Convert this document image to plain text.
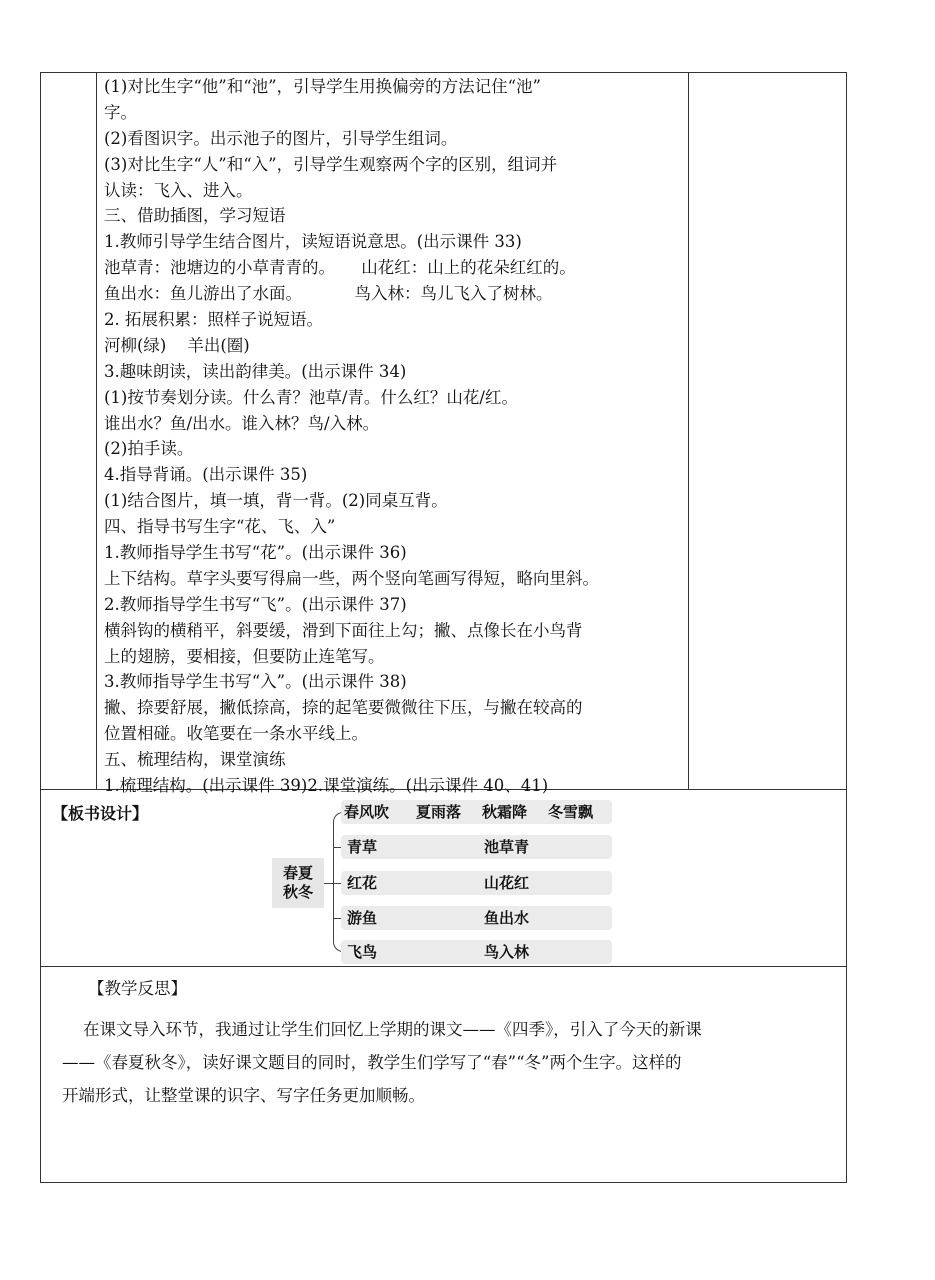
(1)对比生字“他”和“池”，引导学生用换偏旁的方法记住“池”
字。
(2)看图识字。出示池子的图片，引导学生组词。
(3)对比生字“人”和“入”，引导学生观察两个字的区别，组词并
认读：飞入、进入。
三、借助插图，学习短语
1.教师引导学生结合图片，读短语说意思。(出示课件 33)
池草青：池塘边的小草青青的。     山花红：山上的花朵红红的。
鱼出水：鱼儿游出了水面。          鸟入林：鸟儿飞入了树林。
2. 拓展积累：照样子说短语。
河柳(绿)    羊出(圈)
3.趣味朗读，读出韵律美。(出示课件 34)
(1)按节奏划分读。什么青？池草/青。什么红？山花/红。
谁出水？鱼/出水。谁入林？鸟/入林。
(2)拍手读。
4.指导背诵。(出示课件 35)
(1)结合图片，填一填，背一背。(2)同桌互背。
四、指导书写生字“花、飞、入”
1.教师指导学生书写“花”。(出示课件 36)
上下结构。草字头要写得扁一些，两个竖向笔画写得短，略向里斜。
2.教师指导学生书写“飞”。(出示课件 37)
横斜钩的横稍平，斜要缓，滑到下面往上勾；撇、点像长在小鸟背
上的翅膀，要相接，但要防止连笔写。
3.教师指导学生书写“入”。(出示课件 38)
撇、捺要舒展，撇低捺高，捺的起笔要微微往下压，与撇在较高的
位置相碰。收笔要在一条水平线上。
五、梳理结构，课堂演练
1.梳理结构。(出示课件 39)2.课堂演练。(出示课件 40、41)
【板书设计】
春夏
秋冬
春风吹 夏雨落 秋霜降 冬雪飘
青草	池草青
红花	山花红
游鱼	鱼出水
飞鸟	鸟入林
【教学反思】
在课文导入环节，我通过让学生们回忆上学期的课文——《四季》，引入了今天的新课
——《春夏秋冬》，读好课文题目的同时，教学生们学写了“春”“冬”两个生字。这样的
开端形式，让整堂课的识字、写字任务更加顺畅。
